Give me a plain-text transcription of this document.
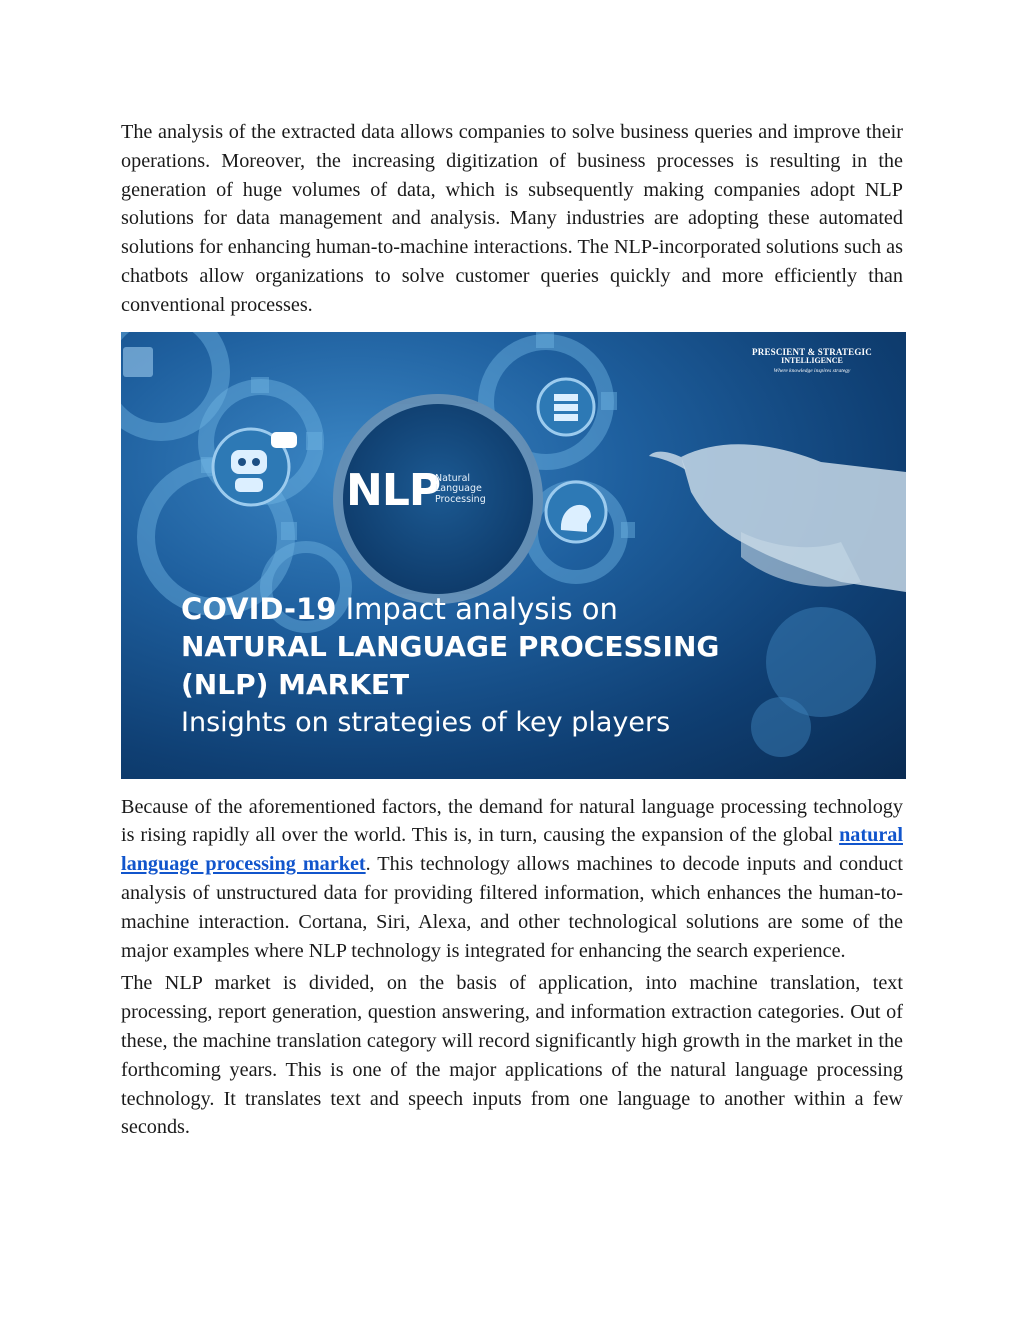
The analysis of the extracted data allows companies to solve business queries and improve their operations. Moreover, the increasing digitization of business processes is resulting in the generation of huge volumes of data, which is subsequently making companies adopt NLP solutions for data management and analysis. Many industries are adopting these automated solutions for enhancing human-to-machine interactions. The NLP-incorporated solutions such as chatbots allow organizations to solve customer queries quickly and more efficiently than conventional processes.

PRESCIENT & STRATEGIC
INTELLIGENCE
Where knowledge inspires strategy
NLP
Natural
Language
Processing
COVID-19 Impact analysis on
NATURAL LANGUAGE PROCESSING
(NLP) MARKET
Insights on strategies of key players

Because of the aforementioned factors, the demand for natural language processing technology is rising rapidly all over the world. This is, in turn, causing the expansion of the global natural language processing market. This technology allows machines to decode inputs and conduct analysis of unstructured data for providing filtered information, which enhances the human-to-machine interaction. Cortana, Siri, Alexa, and other technological solutions are some of the major examples where NLP technology is integrated for enhancing the search experience.

The NLP market is divided, on the basis of application, into machine translation, text processing, report generation, question answering, and information extraction categories. Out of these, the machine translation category will record significantly high growth in the market in the forthcoming years. This is one of the major applications of the natural language processing technology. It translates text and speech inputs from one language to another within a few seconds.
